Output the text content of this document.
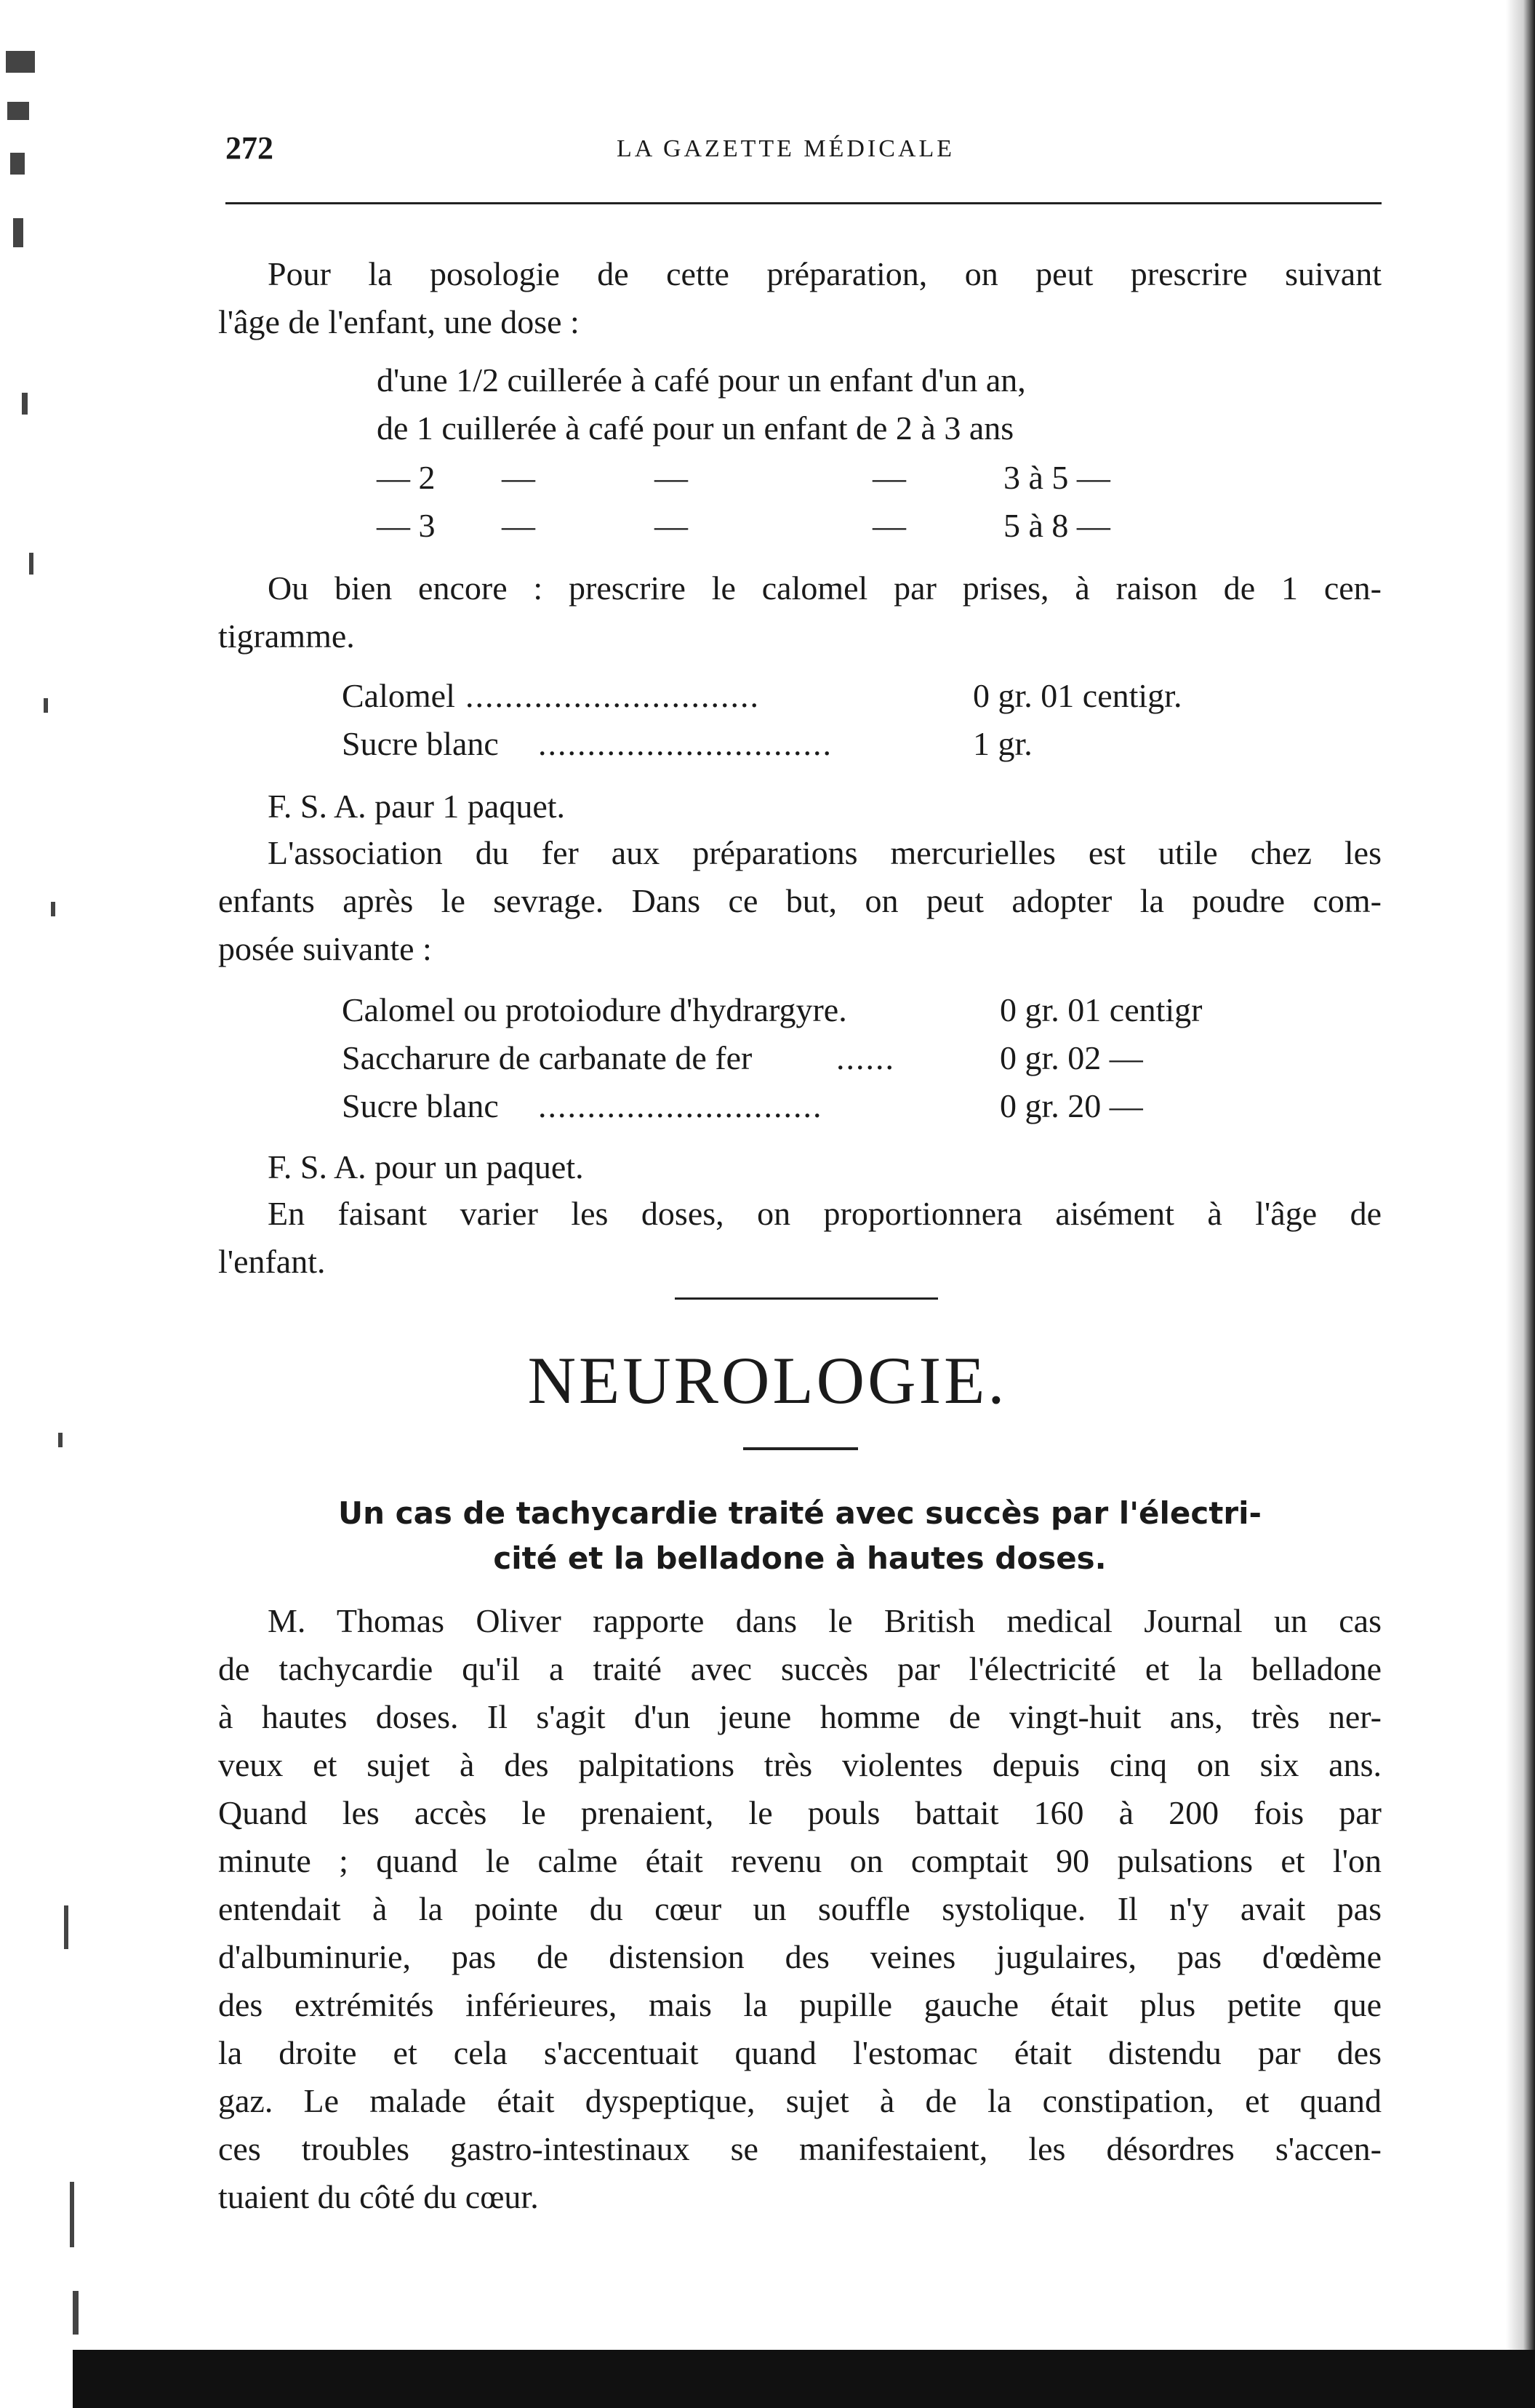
272	LA GAZETTE MÉDICALE
Pour la posologie de cette préparation, on peut prescrire suivant
l'âge de l'enfant, une dose :
d'une 1/2 cuillerée à café pour un enfant d'un an,
de 1 cuillerée à café pour un enfant de 2 à 3 ans
— 2 —	—	—	3 à 5 —
— 3 —	—	—	5 à 8 —
Ou bien encore : prescrire le calomel par prises, à raison de 1 cen-
tigramme.
Calomel ..............................	0 gr. 01 centigr.
Sucre blanc ..............................	1 gr.
F. S. A. paur 1 paquet.
L'association du fer aux préparations mercurielles est utile chez les
enfants après le sevrage. Dans ce but, on peut adopter la poudre com-
posée suivante :
Calomel ou protoiodure d'hydrargyre.	0 gr. 01 centigr
Saccharure de carbanate de fer	......	0 gr. 02 —
Sucre blanc .............................	0 gr. 20 —
F. S. A. pour un paquet.
En faisant varier les doses, on proportionnera aisément à l'âge de
l'enfant.
NEUROLOGIE.
Un cas de tachycardie traité avec succès par l'électri-
cité et la belladone à hautes doses.
M. Thomas Oliver rapporte dans le British medical Journal un cas
de tachycardie qu'il a traité avec succès par l'électricité et la belladone
à hautes doses. Il s'agit d'un jeune homme de vingt-huit ans, très ner-
veux et sujet à des palpitations très violentes depuis cinq on six ans.
Quand les accès le prenaient, le pouls battait 160 à 200 fois par
minute ; quand le calme était revenu on comptait 90 pulsations et l'on
entendait à la pointe du cœur un souffle systolique. Il n'y avait pas
d'albuminurie, pas de distension des veines jugulaires, pas d'œdème
des extrémités inférieures, mais la pupille gauche était plus petite que
la droite et cela s'accentuait quand l'estomac était distendu par des
gaz. Le malade était dyspeptique, sujet à de la constipation, et quand
ces troubles gastro-intestinaux se manifestaient, les désordres s'accen-
tuaient du côté du cœur.
